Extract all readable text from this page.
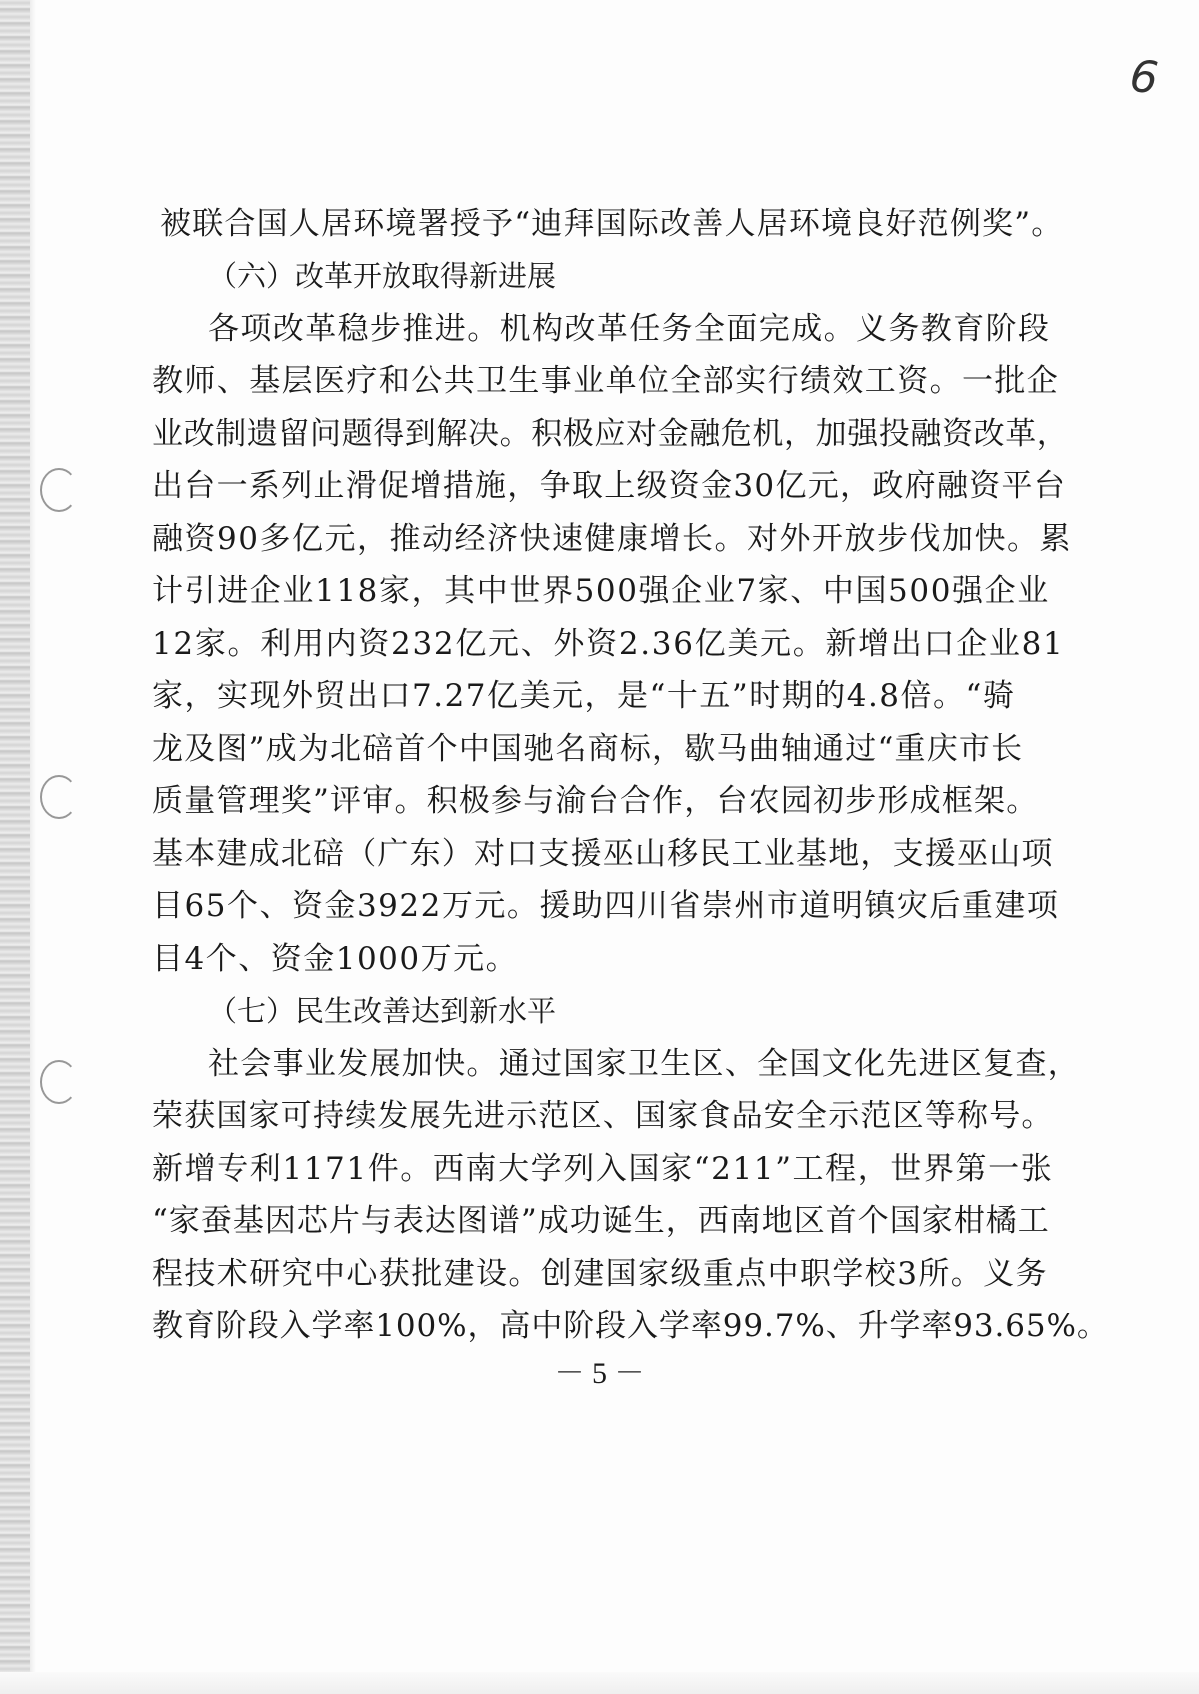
6
被联合国人居环境署授予“迪拜国际改善人居环境良好范例奖”。
（六）改革开放取得新进展
各项改革稳步推进。机构改革任务全面完成。义务教育阶段
教师、基层医疗和公共卫生事业单位全部实行绩效工资。一批企
业改制遗留问题得到解决。积极应对金融危机，加强投融资改革，
出台一系列止滑促增措施，争取上级资金30亿元，政府融资平台
融资90多亿元，推动经济快速健康增长。对外开放步伐加快。累
计引进企业118家，其中世界500强企业7家、中国500强企业
12家。利用内资232亿元、外资2.36亿美元。新增出口企业81
家，实现外贸出口7.27亿美元，是“十五”时期的4.8倍。“骑
龙及图”成为北碚首个中国驰名商标，歇马曲轴通过“重庆市长
质量管理奖”评审。积极参与渝台合作，台农园初步形成框架。
基本建成北碚（广东）对口支援巫山移民工业基地，支援巫山项
目65个、资金3922万元。援助四川省崇州市道明镇灾后重建项
目4个、资金1000万元。
（七）民生改善达到新水平
社会事业发展加快。通过国家卫生区、全国文化先进区复查，
荣获国家可持续发展先进示范区、国家食品安全示范区等称号。
新增专利1171件。西南大学列入国家“211”工程，世界第一张
“家蚕基因芯片与表达图谱”成功诞生，西南地区首个国家柑橘工
程技术研究中心获批建设。创建国家级重点中职学校3所。义务
教育阶段入学率100%，高中阶段入学率99.7%、升学率93.65%。
－ 5 －
